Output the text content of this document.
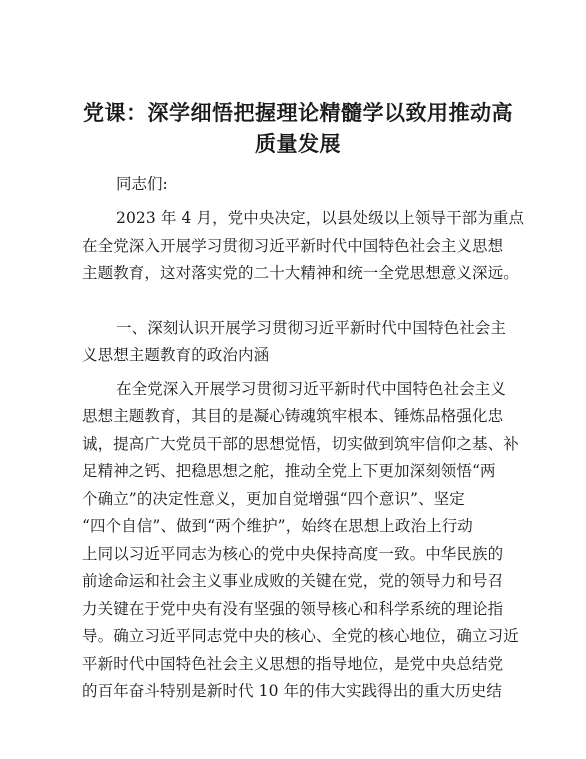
党课：深学细悟把握理论精髓学以致用推动高
质量发展

同志们:

2023 年 4 月，党中央决定，以县处级以上领导干部为重点
在全党深入开展学习贯彻习近平新时代中国特色社会主义思想
主题教育，这对落实党的二十大精神和统一全党思想意义深远。
一、深刻认识开展学习贯彻习近平新时代中国特色社会主
义思想主题教育的政治内涵
在全党深入开展学习贯彻习近平新时代中国特色社会主义
思想主题教育，其目的是凝心铸魂筑牢根本、锤炼品格强化忠
诚，提高广大党员干部的思想觉悟，切实做到筑牢信仰之基、补
足精神之钙、把稳思想之舵，推动全党上下更加深刻领悟“两
个确立”的决定性意义，更加自觉增强“四个意识”、坚定
“四个自信”、做到“两个维护”，始终在思想上政治上行动
上同以习近平同志为核心的党中央保持高度一致。中华民族的
前途命运和社会主义事业成败的关键在党，党的领导力和号召
力关键在于党中央有没有坚强的领导核心和科学系统的理论指
导。确立习近平同志党中央的核心、全党的核心地位，确立习近
平新时代中国特色社会主义思想的指导地位，是党中央总结党
的百年奋斗特别是新时代 10 年的伟大实践得出的重大历史结
